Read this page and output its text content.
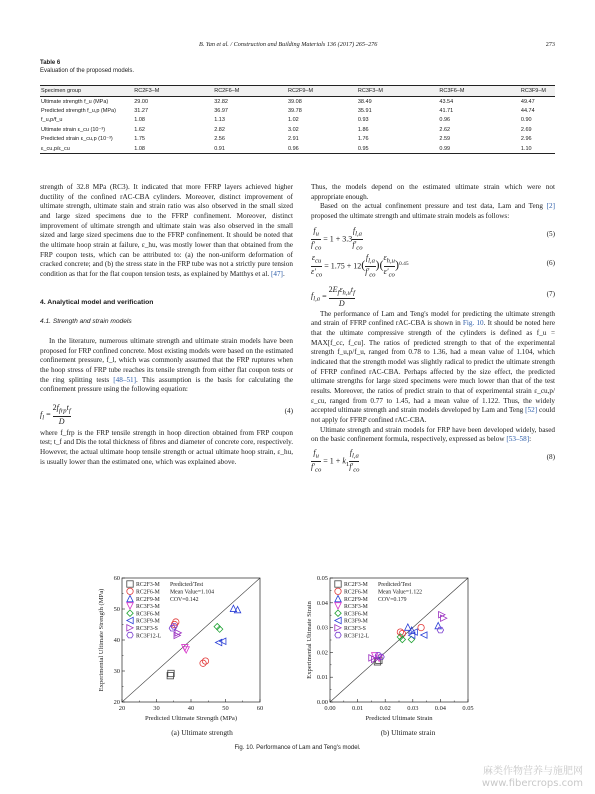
B. Yan et al. / Construction and Building Materials 136 (2017) 265–276	273
Table 6
Evaluation of the proposed models.
Specimen group	RC2F3–M	RC2F6–M	RC2F9–M	RC3F3–M	RC3F6–M	RC3F9–M
Ultimate strength f_u (MPa)	29.00	32.82	39.08	38.49	43.54	49.47
Predicted strength f_u,p (MPa)	31.27	36.97	39.78	35.91	41.71	44.74
f_u,p/f_u	1.08	1.13	1.02	0.93	0.96	0.90
Ultimate strain ε_cu (10⁻³)	1.62	2.82	3.02	1.86	2.62	2.69
Predicted strain ε_cu,p (10⁻³)	1.75	2.56	2.91	1.76	2.59	2.96
ε_cu,p/ε_cu	1.08	0.91	0.96	0.95	0.99	1.10

strength of 32.8 MPa (RC3). It indicated that more FFRP layers achieved higher ductility of the confined rAC-CBA cylinders. Moreover, distinct improvement of ultimate strength, ultimate stain and strain ratio was also observed in the small sized and large sized specimens due to the FFRP confinement. Moreover, distinct improvement of ultimate strength and ultimate stain was also observed in the small sized and large sized specimens due to the FFRP confinement. It should be noted that the ultimate hoop strain at failure, ε_hu, was mostly lower than that obtained from the FRP coupon tests, which can be attributed to: (a) the non-uniform deformation of cracked concrete; and (b) the stress state in the FRP tube was not a strictly pure tension condition as that for the flat coupon tension tests, as explained by Matthys et al. [47].

4. Analytical model and verification
4.1. Strength and strain models

In the literature, numerous ultimate strength and ultimate strain models have been proposed for FRP confined concrete. Most existing models were based on the estimated confinement pressure, f_l, which was commonly assumed that the FRP ruptures when the hoop stress of FRP tube reaches its tensile strength from either flat coupon tests or the ring splitting tests [48–51]. This assumption is the basis for calculating the confinement pressure using the following equation:

$f_l$ =
$2f_{frp}t_f$
D
(4)

where f_frp is the FRP tensile strength in hoop direction obtained from FRP coupon test; t_f and Dis the total thickness of fibres and diameter of concrete core, respectively. However, the actual ultimate hoop tensile strength or actual ultimate hoop strain, ε_hu, is usually lower than the estimated one, which was explained above.

Thus, the models depend on the estimated ultimate strain which were not appropriate enough.

Based on the actual confinement pressure and test data, Lam and Teng [2] proposed the ultimate strength and ultimate strain models as follows:

$\frac{f_u}{f'_{co}} = 1 + 3.3 \frac{f_{l,a}}{f'_{co}}$	(5)
$\varepsilon_{cu}$
$\varepsilon'_{co}$
= $1.75 + 12( \frac{f_{l,a}}{f'_{co}}$ )( $\frac{\varepsilon_{h,u}}{\varepsilon'_{co}} )^{0.45}$	(6)
$f_{l,a}$ =
$2E_f\varepsilon_{h,u}t_f$
D
(7)

The performance of Lam and Teng's model for predicting the ultimate strength and strain of FFRP confined rAC-CBA is shown in Fig. 10. It should be noted here that the ultimate compressive strength of the cylinders is defined as f_u = MAX[f_cc, f_cu]. The ratios of predicted strength to that of the experimental strength f_u,p/f_u, ranged from 0.78 to 1.36, had a mean value of 1.104, which indicated that the strength model was slightly radical to predict the ultimate strength of FFRP confined rAC-CBA. Perhaps affected by the size effect, the predicted ultimate strengths for large sized specimens were much lower than that of the test results. Moreover, the ratios of predict strain to that of experimental strain ε_cu,p/ε_cu, ranged from 0.77 to 1.45, had a mean value of 1.122. Thus, the widely accepted ultimate strength and strain models developed by Lam and Teng [52] could not apply for FFRP confined rAC-CBA.

Ultimate strength and strain models for FRP have been developed widely, based on the basic confinement formula, respectively, expressed as below [53–58]:

$\frac{f_u}{f'_{co}} = 1 + k_1 \frac{f_{l,a}}{f'_{co}}$	(8)
20	30	40	50	60
20
30
40
50
60
Predicted Ultimate Strength (MPa)
Experimental Ultimate Strength (MPa)
RC2F3-M
RC2F6-M
RC2F9-M
RC3F3-M
RC3F6-M
RC3F9-M
RC3F3-S
RC3F12-L
Predicted/Test
Mean Value=1.104
COV=0.142
0.00	0.01	0.02	0.03	0.04	0.05
0.00
0.01
0.02
0.03
0.04
0.05
Predicted Ultimate Strain
Experimental Ultimate Strain
RC2F3-M
RC2F6-M
RC2F9-M
RC3F3-M
RC3F6-M
RC3F9-M
RC3F3-S
RC3F12-L
Predicted/Test
Mean Value=1.122
COV=0.179
(a) Ultimate strength	(b) Ultimate strain
Fig. 10. Performance of Lam and Teng's model.
麻类作物营养与施肥网
www.fibercrops.com
